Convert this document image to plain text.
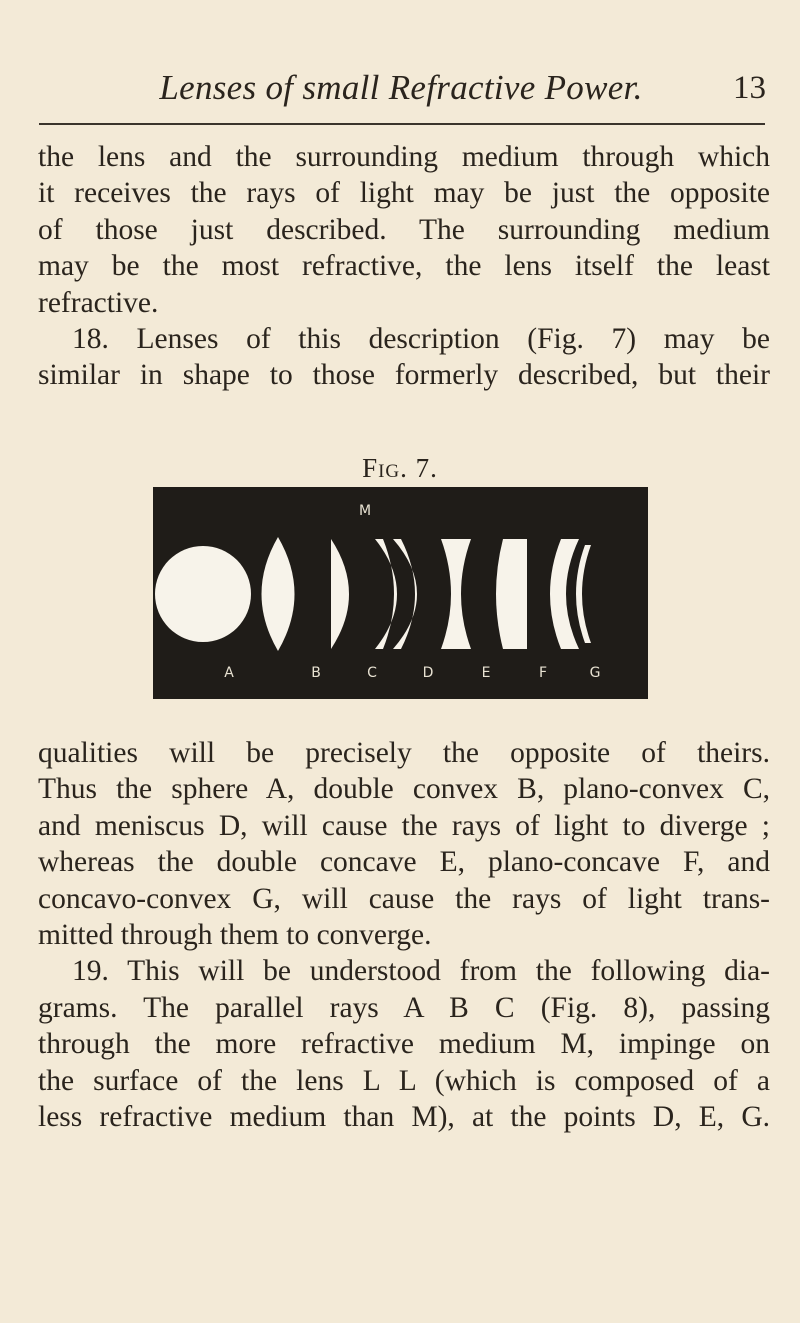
Lenses of small Refractive Power.	13
the lens and the surrounding medium through which
it receives the rays of light may be just the opposite
of those just described. The surrounding medium
may be the most refractive, the lens itself the least
refractive.
18. Lenses of this description (Fig. 7) may be
similar in shape to those formerly described, but their
Fig. 7.
M
A	B	C	D	E	F	G
qualities will be precisely the opposite of theirs.
Thus the sphere A, double convex B, plano-convex C,
and meniscus D, will cause the rays of light to diverge ;
whereas the double concave E, plano-concave F, and
concavo-convex G, will cause the rays of light trans-
mitted through them to converge.
19. This will be understood from the following dia-
grams. The parallel rays A B C (Fig. 8), passing
through the more refractive medium M, impinge on
the surface of the lens L L (which is composed of a
less refractive medium than M), at the points D, E, G.
